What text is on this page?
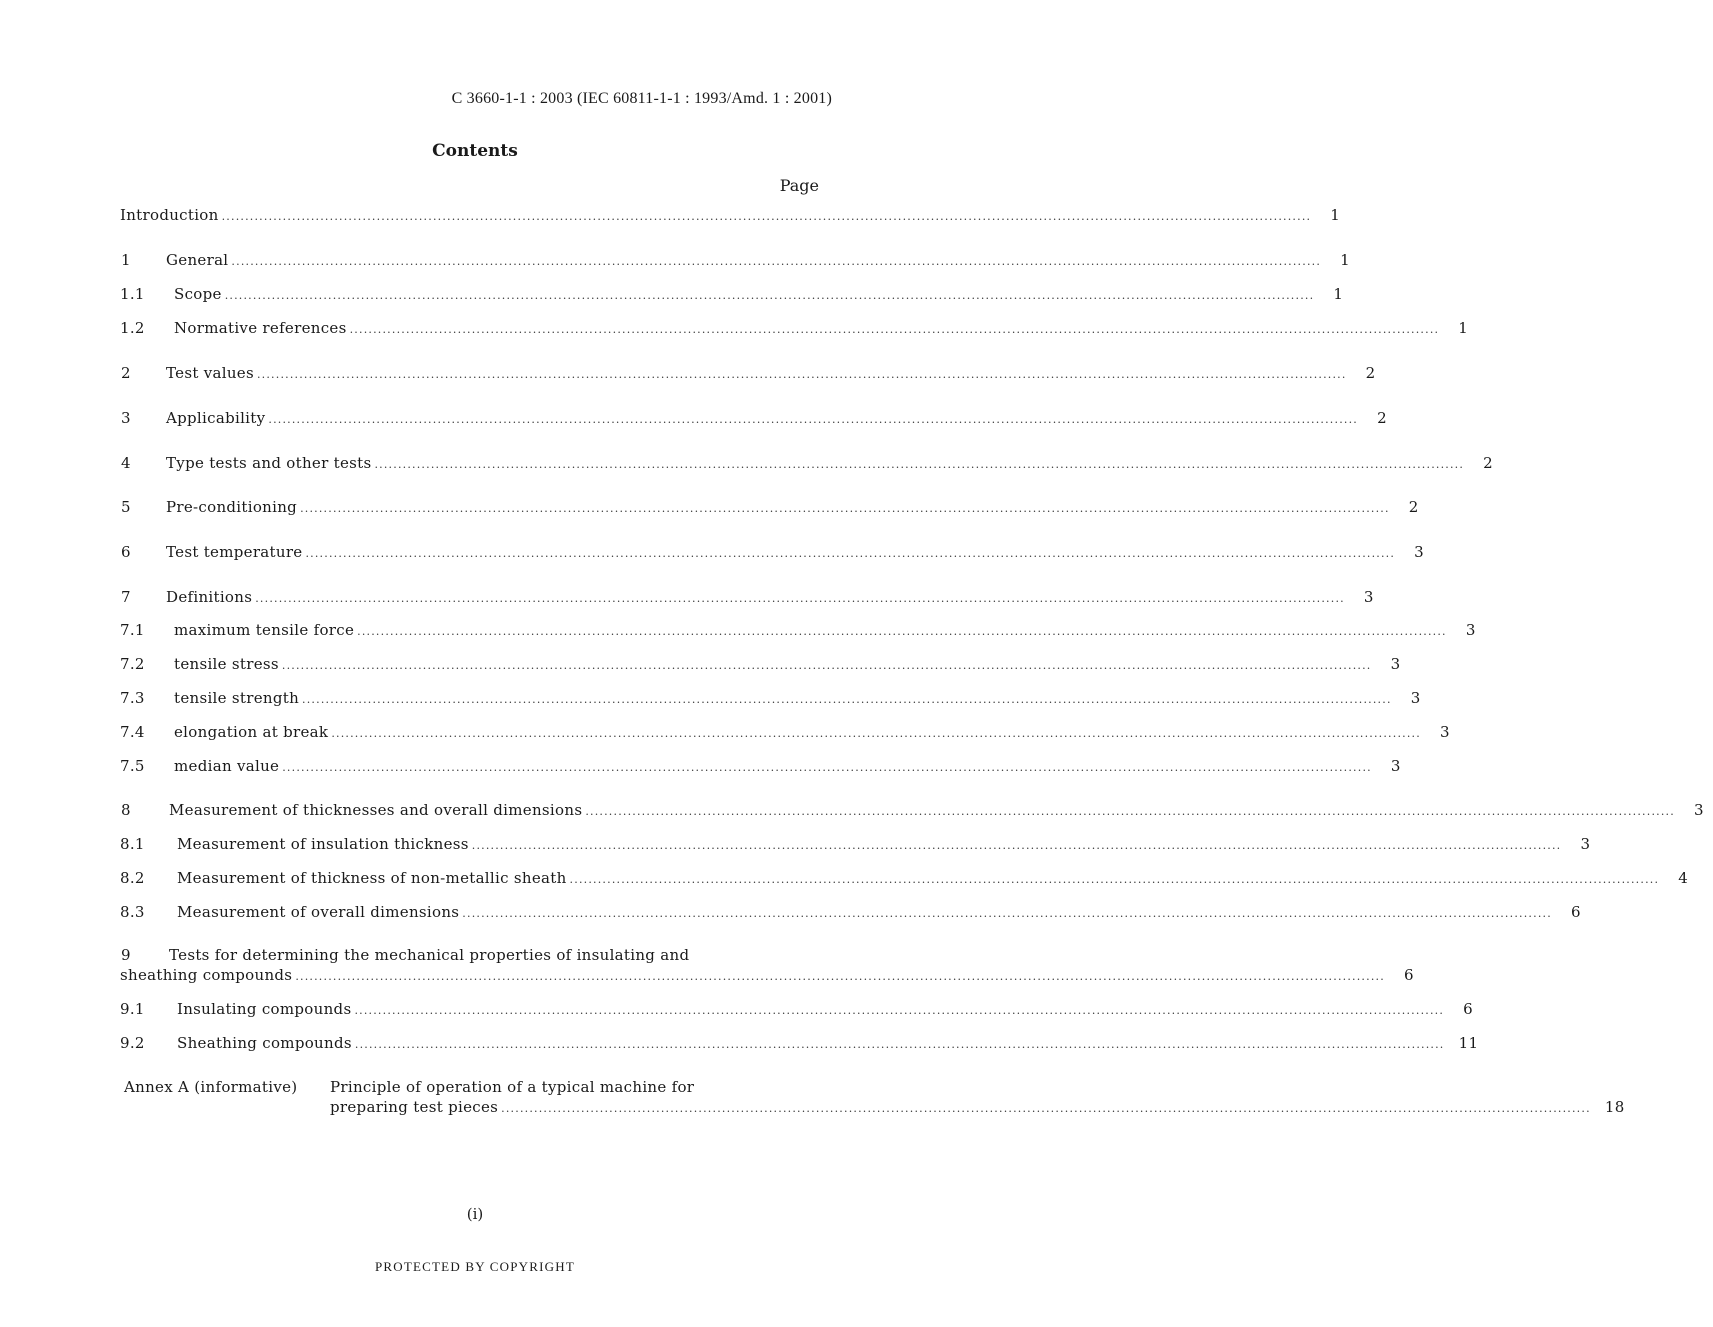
C 3660-1-1 : 2003 (IEC 60811-1-1 : 1993/Amd. 1 : 2001)
Contents
Page
Introduction ........................................................................................................................................................................................................................................	1
1	General ........................................................................................................................................................................................................................................	1
1.1	Scope ........................................................................................................................................................................................................................................	1
1.2	Normative references ........................................................................................................................................................................................................................................	1
2	Test values ........................................................................................................................................................................................................................................	2
3	Applicability ........................................................................................................................................................................................................................................	2
4	Type tests and other tests ........................................................................................................................................................................................................................................	2
5	Pre-conditioning ........................................................................................................................................................................................................................................	2
6	Test temperature ........................................................................................................................................................................................................................................	3
7	Definitions ........................................................................................................................................................................................................................................	3
7.1	maximum tensile force ........................................................................................................................................................................................................................................	3
7.2	tensile stress ........................................................................................................................................................................................................................................	3
7.3	tensile strength ........................................................................................................................................................................................................................................	3
7.4	elongation at break ........................................................................................................................................................................................................................................	3
7.5	median value ........................................................................................................................................................................................................................................	3
8	Measurement of thicknesses and overall dimensions ........................................................................................................................................................................................................................................	3
8.1	Measurement of insulation thickness ........................................................................................................................................................................................................................................	3
8.2	Measurement of thickness of non-metallic sheath ........................................................................................................................................................................................................................................	4
8.3	Measurement of overall dimensions ........................................................................................................................................................................................................................................	6
9	Tests for determining the mechanical properties of insulating and
sheathing compounds ........................................................................................................................................................................................................................................	6
9.1	Insulating compounds ........................................................................................................................................................................................................................................	6
9.2	Sheathing compounds ........................................................................................................................................................................................................................................ 11
Annex A (informative)	Principle of operation of a typical machine for
preparing test pieces ........................................................................................................................................................................................................................................ 18
(i)
PROTECTED BY COPYRIGHT
